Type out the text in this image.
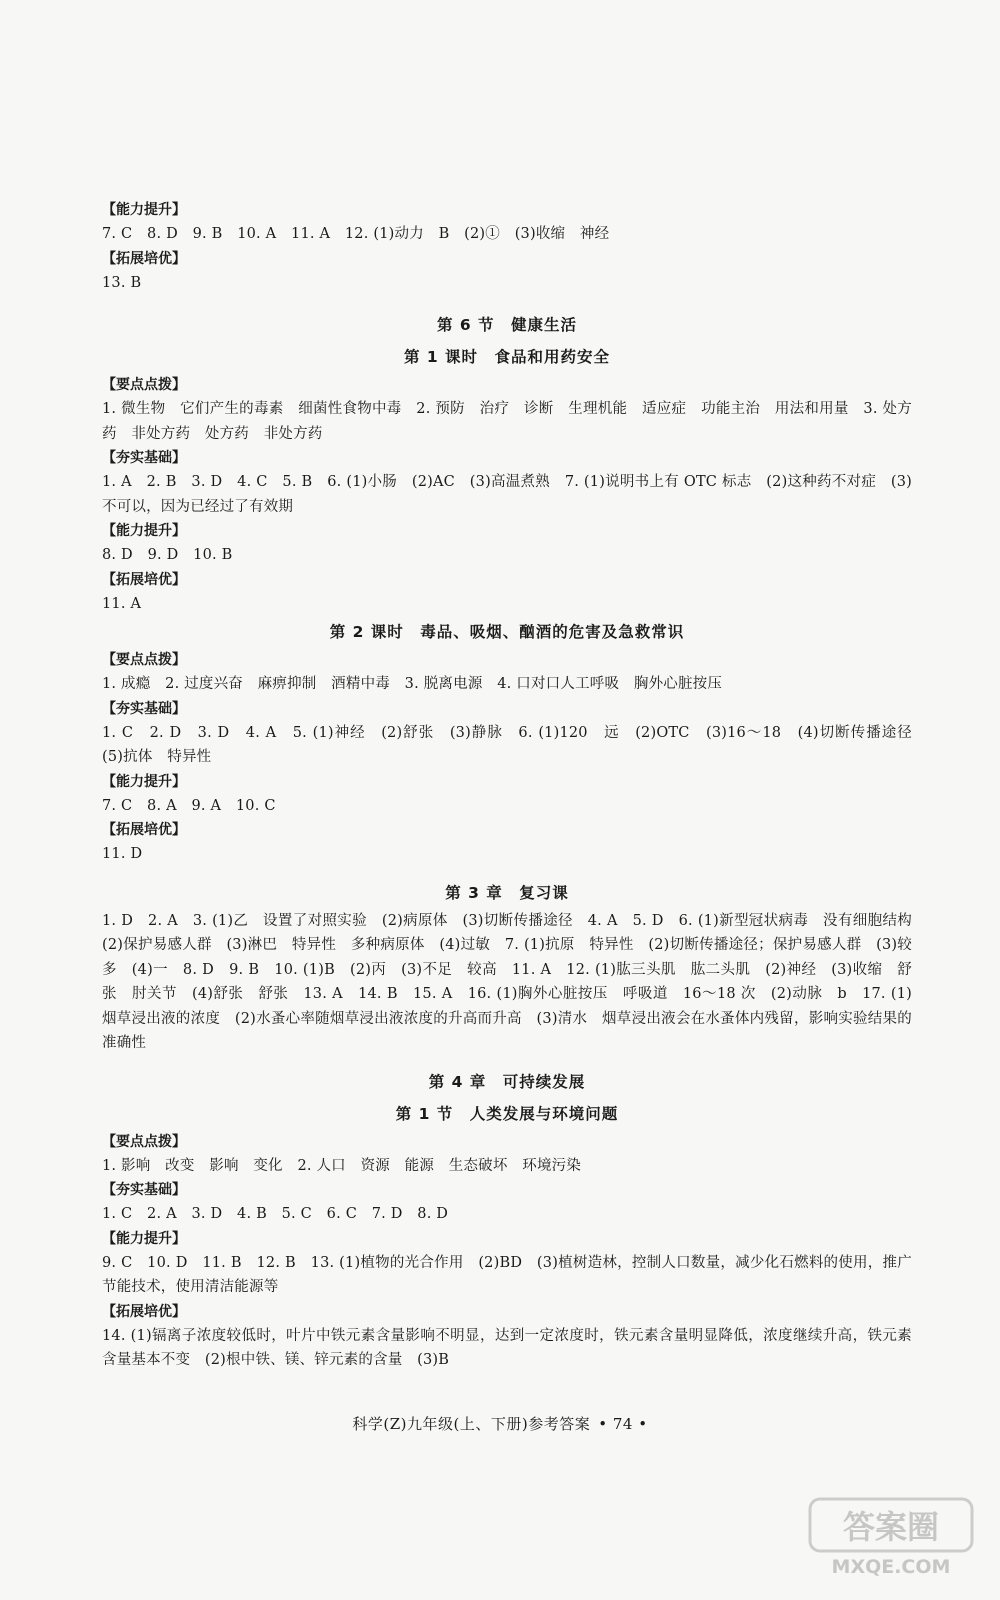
【能力提升】
7. C　8. D　9. B　10. A　11. A　12. (1)动力　B　(2)①　(3)收缩　神经
【拓展培优】
13. B
第 6 节　健康生活
第 1 课时　食品和用药安全
【要点点拨】
1. 微生物　它们产生的毒素　细菌性食物中毒　2. 预防　治疗　诊断　生理机能　适应症　功能主治　用法和用量　3. 处方药　非处方药　处方药　非处方药
【夯实基础】
1. A　2. B　3. D　4. C　5. B　6. (1)小肠　(2)AC　(3)高温煮熟　7. (1)说明书上有 OTC 标志　(2)这种药不对症　(3)不可以，因为已经过了有效期
【能力提升】
8. D　9. D　10. B
【拓展培优】
11. A
第 2 课时　毒品、吸烟、酗酒的危害及急救常识
【要点点拨】
1. 成瘾　2. 过度兴奋　麻痹抑制　酒精中毒　3. 脱离电源　4. 口对口人工呼吸　胸外心脏按压
【夯实基础】
1. C　2. D　3. D　4. A　5. (1)神经　(2)舒张　(3)静脉　6. (1)120　远　(2)OTC　(3)16～18　(4)切断传播途径　(5)抗体　特异性
【能力提升】
7. C　8. A　9. A　10. C
【拓展培优】
11. D
第 3 章　复习课
1. D　2. A　3. (1)乙　设置了对照实验　(2)病原体　(3)切断传播途径　4. A　5. D　6. (1)新型冠状病毒　没有细胞结构　(2)保护易感人群　(3)淋巴　特异性　多种病原体　(4)过敏　7. (1)抗原　特异性　(2)切断传播途径；保护易感人群　(3)较多　(4)一　8. D　9. B　10. (1)B　(2)丙　(3)不足　较高　11. A　12. (1)肱三头肌　肱二头肌　(2)神经　(3)收缩　舒张　肘关节　(4)舒张　舒张　13. A　14. B　15. A　16. (1)胸外心脏按压　呼吸道　16～18 次　(2)动脉　b　17. (1)烟草浸出液的浓度　(2)水蚤心率随烟草浸出液浓度的升高而升高　(3)清水　烟草浸出液会在水蚤体内残留，影响实验结果的准确性
第 4 章　可持续发展
第 1 节　人类发展与环境问题
【要点点拨】
1. 影响　改变　影响　变化　2. 人口　资源　能源　生态破坏　环境污染
【夯实基础】
1. C　2. A　3. D　4. B　5. C　6. C　7. D　8. D
【能力提升】
9. C　10. D　11. B　12. B　13. (1)植物的光合作用　(2)BD　(3)植树造林，控制人口数量，减少化石燃料的使用，推广节能技术，使用清洁能源等
【拓展培优】
14. (1)镉离子浓度较低时，叶片中铁元素含量影响不明显，达到一定浓度时，铁元素含量明显降低，浓度继续升高，铁元素含量基本不变　(2)根中铁、镁、锌元素的含量　(3)B
科学(Z)九年级(上、下册)参考答案 • 74 •
答案圈
MXQE.COM
